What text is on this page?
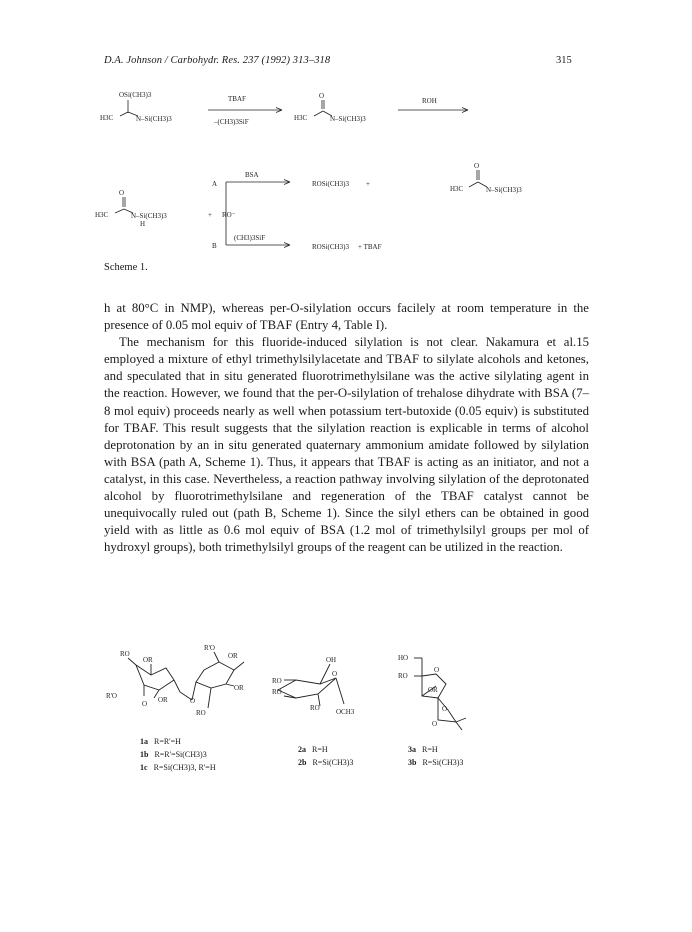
D.A. Johnson / Carbohydr. Res. 237 (1992) 313–318	315
OSi(CH3)3
H3C	N–Si(CH3)3
TBAF
–(CH3)3SiF
O
H3C	N–Si(CH3)3
ROH
O
H3C	N–Si(CH3)3
H
+ RO⁻
A
B
BSA
(CH3)3SiF
ROSi(CH3)3 +
O
H3C	N–Si(CH3)3
ROSi(CH3)3 + TBAF
Scheme 1.

h at 80°C in NMP), whereas per-O-silylation occurs facilely at room temperature in the presence of 0.05 mol equiv of TBAF (Entry 4, Table I).

The mechanism for this fluoride-induced silylation is not clear. Nakamura et al.15 employed a mixture of ethyl trimethylsilylacetate and TBAF to silylate alcohols and ketones, and speculated that in situ generated fluorotrimethylsilane was the active silylating agent in the reaction. However, we found that the per-O-silylation of trehalose dihydrate with BSA (7–8 mol equiv) proceeds nearly as well when potassium tert-butoxide (0.05 equiv) is substituted for TBAF. This result suggests that the silylation reaction is explicable in terms of alcohol deprotonation by an in situ generated quaternary ammonium amidate followed by silylation with BSA (path A, Scheme 1). Thus, it appears that TBAF is acting as an initiator, and not a catalyst, in this case. Nevertheless, a reaction pathway involving silylation of the deprotonated alcohol by fluorotrimethylsilane and regeneration of the TBAF catalyst cannot be unequivocally ruled out (path B, Scheme 1). Since the silyl ethers can be obtained in good yield with as little as 0.6 mol equiv of BSA (1.2 mol of trimethylsilyl groups per mol of hydroxyl groups), both trimethylsilyl groups of the reagent can be utilized in the reaction.

RO
OR
R'O	OR
O
R'O
OR
OR
RO
O
OH
RO
RO
RO OCH3
O
HO
RO
O
OR
O
O
1a R=R'=H
1b R=R'=Si(CH3)3
1c R=Si(CH3)3, R'=H
2a R=H
2b R=Si(CH3)3
3a R=H
3b R=Si(CH3)3
